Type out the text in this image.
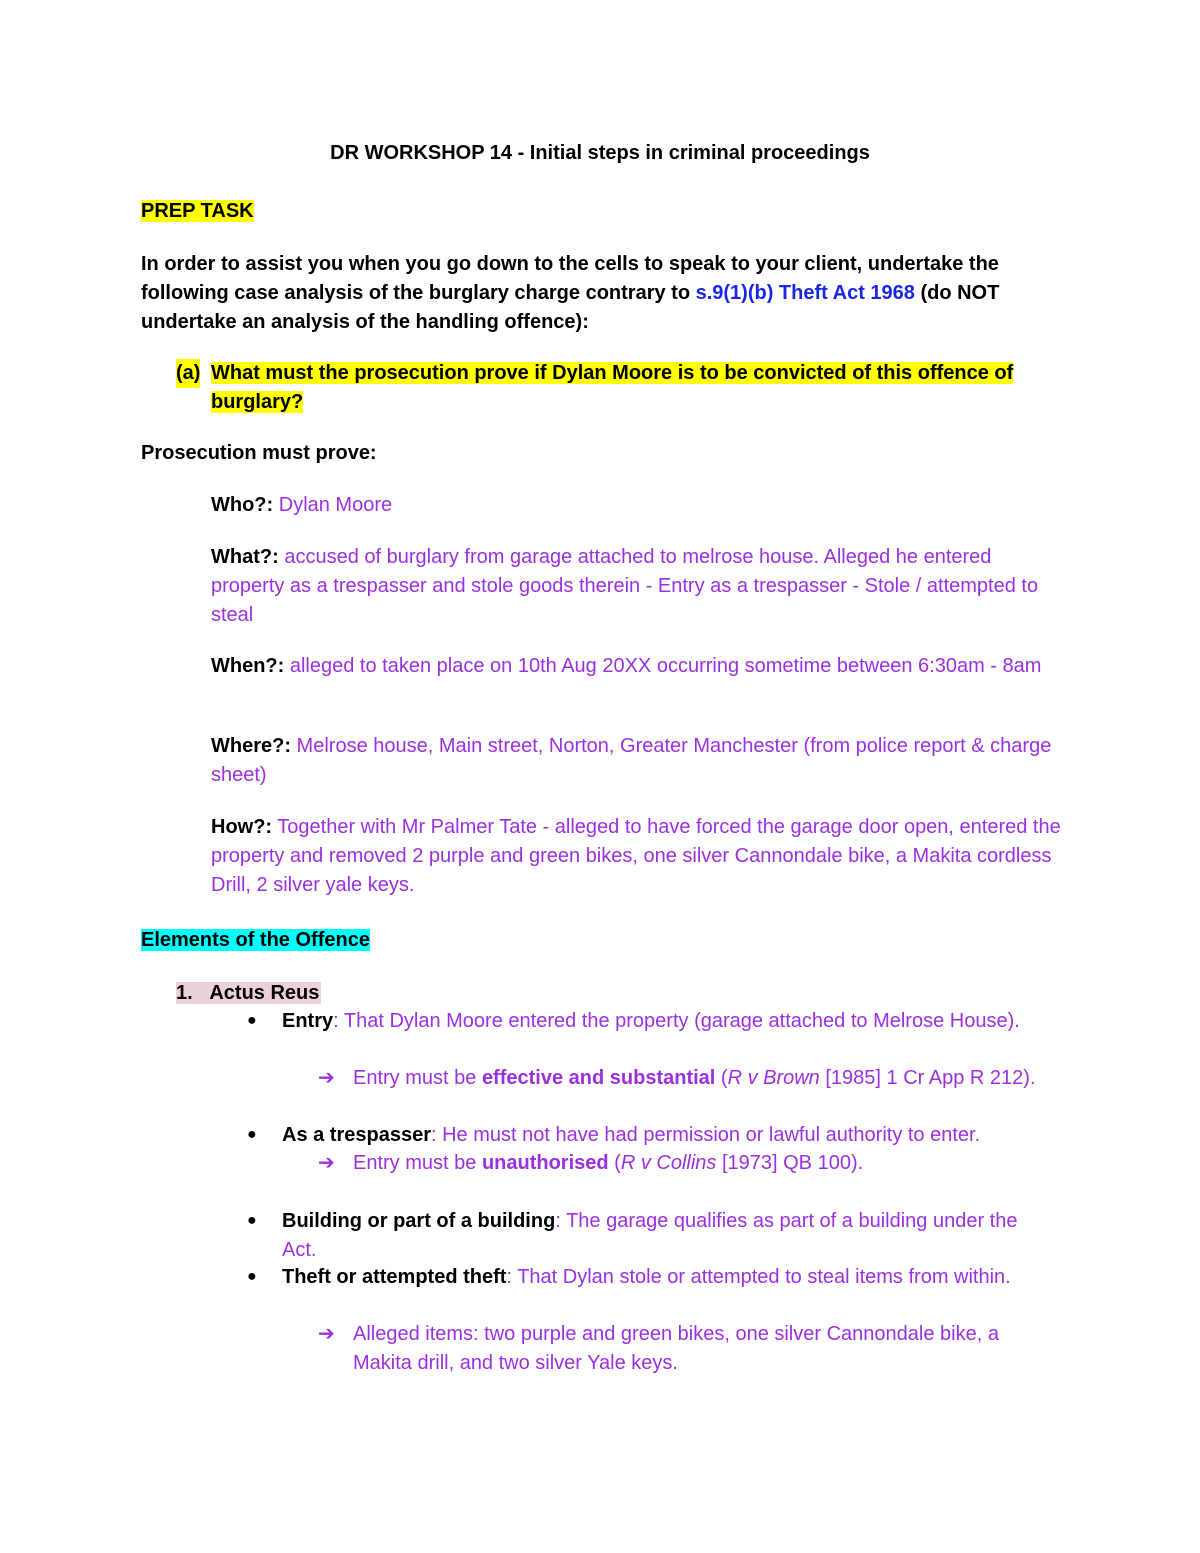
DR WORKSHOP 14 - Initial steps in criminal proceedings
PREP TASK
In order to assist you when you go down to the cells to speak to your client, undertake the following case analysis of the burglary charge contrary to s.9(1)(b) Theft Act 1968 (do NOT undertake an analysis of the handling offence):
(a) What must the prosecution prove if Dylan Moore is to be convicted of this offence of burglary?
Prosecution must prove:
Who?: Dylan Moore
What?: accused of burglary from garage attached to melrose house. Alleged he entered property as a trespasser and stole goods therein - Entry as a trespasser - Stole / attempted to steal
When?: alleged to taken place on 10th Aug 20XX occurring sometime between 6:30am - 8am
Where?: Melrose house, Main street, Norton, Greater Manchester (from police report & charge sheet)
How?: Together with Mr Palmer Tate - alleged to have forced the garage door open, entered the property and removed 2 purple and green bikes, one silver Cannondale bike, a Makita cordless Drill, 2 silver yale keys.
Elements of the Offence
1. Actus Reus
● Entry: That Dylan Moore entered the property (garage attached to Melrose House).
➔ Entry must be effective and substantial (R v Brown [1985] 1 Cr App R 212).
● As a trespasser: He must not have had permission or lawful authority to enter.
➔ Entry must be unauthorised (R v Collins [1973] QB 100).
● Building or part of a building: The garage qualifies as part of a building under the Act.
● Theft or attempted theft: That Dylan stole or attempted to steal items from within.
➔ Alleged items: two purple and green bikes, one silver Cannondale bike, a Makita drill, and two silver Yale keys.
